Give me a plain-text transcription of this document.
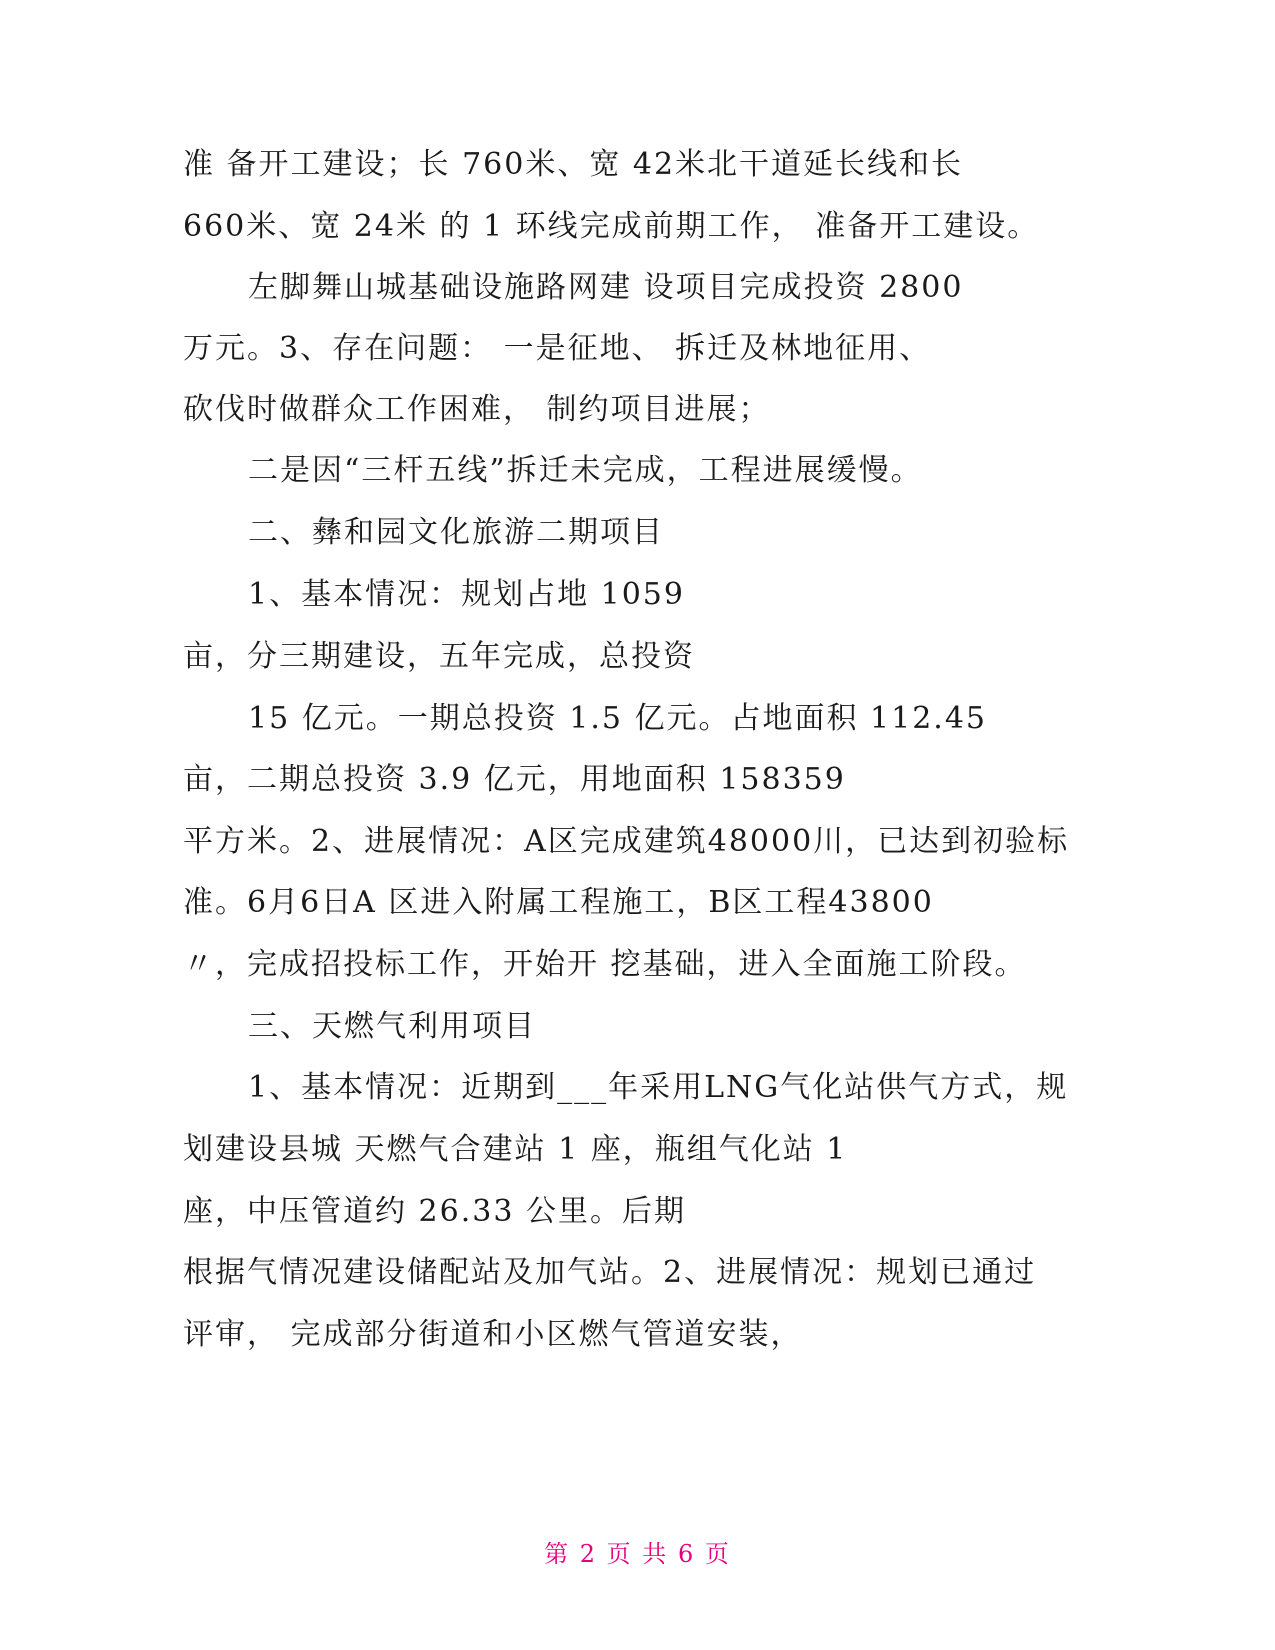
准 备开工建设；长 760米、宽 42米北干道延长线和长
660米、宽 24米 的 1 环线完成前期工作， 准备开工建设。
左脚舞山城基础设施路网建 设项目完成投资 2800
万元。3、存在问题： 一是征地、 拆迁及林地征用、
砍伐时做群众工作困难， 制约项目进展；
二是因“三杆五线”拆迁未完成，工程进展缓慢。
二、彝和园文化旅游二期项目
1、基本情况：规划占地 1059
亩，分三期建设，五年完成，总投资
15 亿元。一期总投资 1.5 亿元。占地面积 112.45
亩，二期总投资 3.9 亿元，用地面积 158359
平方米。2、进展情况：A区完成建筑48000川，已达到初验标
准。6月6日A 区进入附属工程施工，B区工程43800
〃，完成招投标工作，开始开 挖基础，进入全面施工阶段。
三、天燃气利用项目
1、基本情况：近期到___年采用LNG气化站供气方式，规
划建设县城 天燃气合建站 1 座，瓶组气化站 1
座，中压管道约 26.33 公里。后期
根据气情况建设储配站及加气站。2、进展情况：规划已通过
评审， 完成部分街道和小区燃气管道安装，
第 2 页 共 6 页
